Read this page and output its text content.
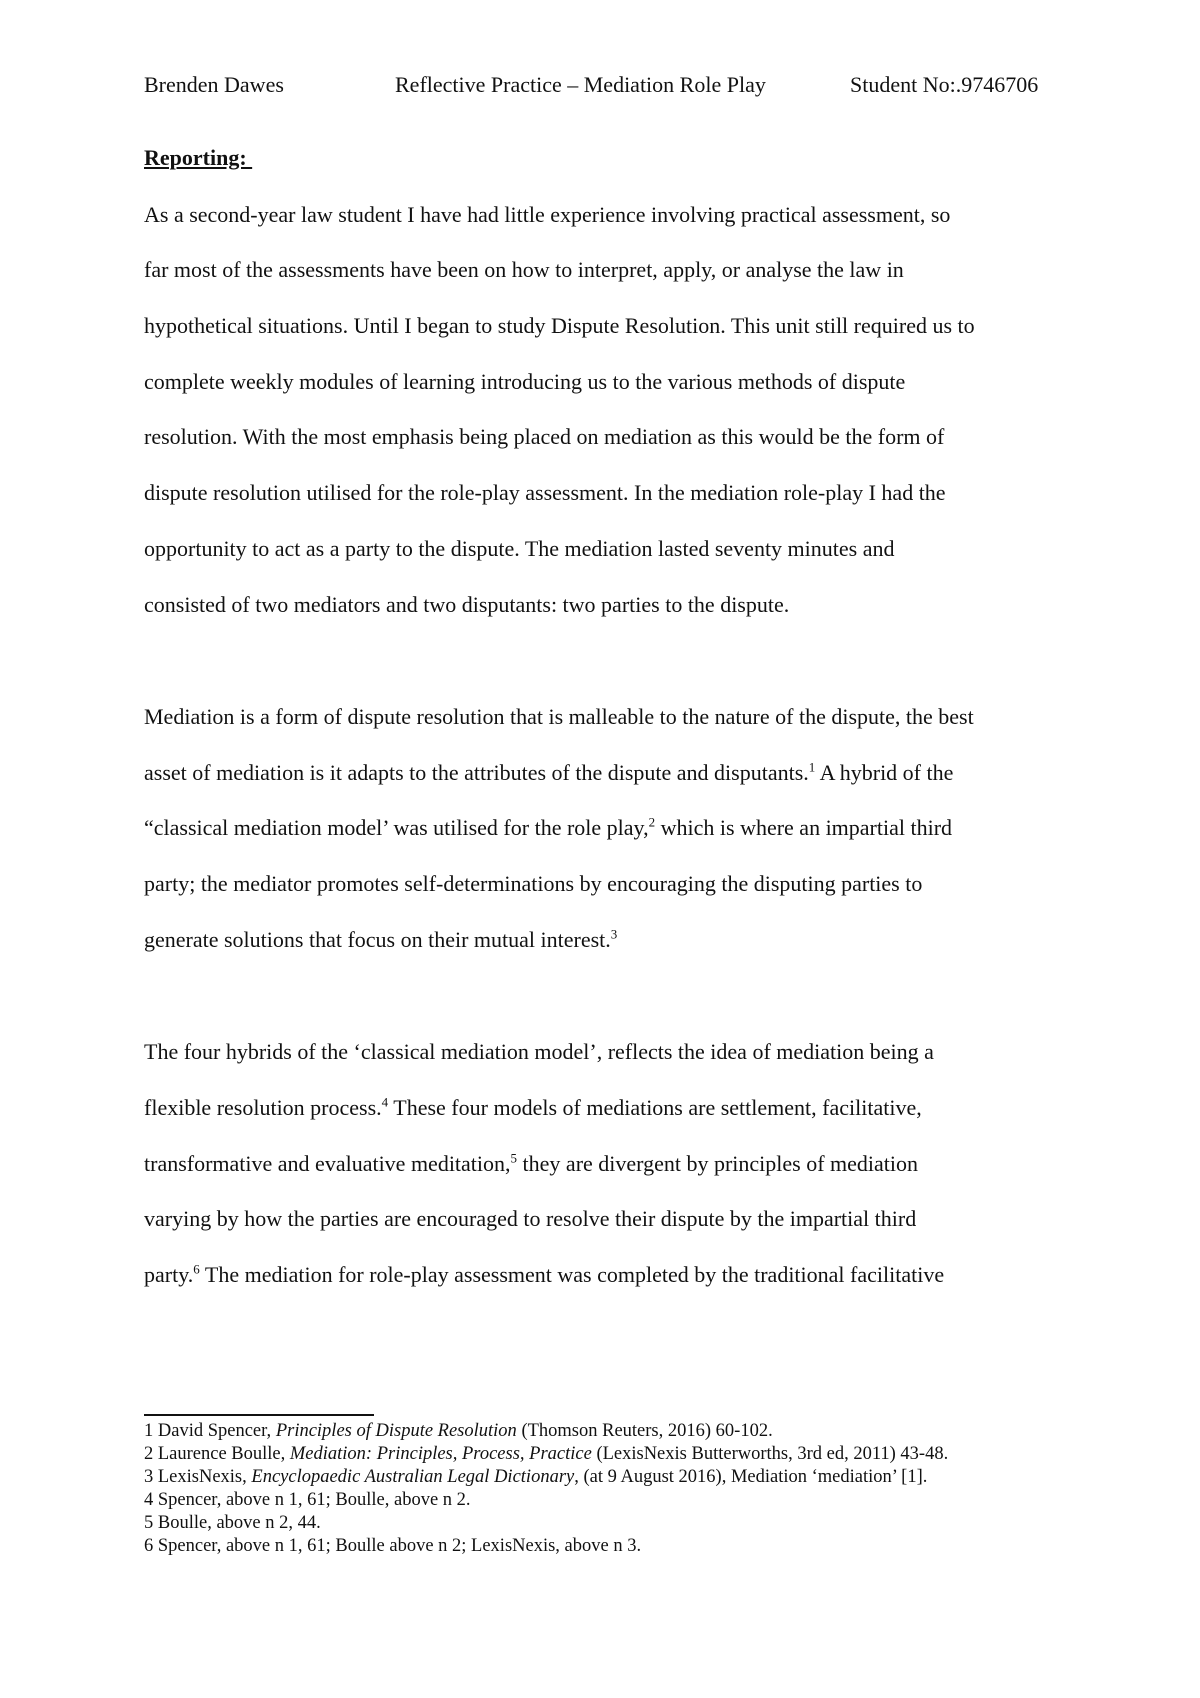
Brenden Dawes	Reflective Practice – Mediation Role Play	Student No:.9746706
Reporting:
As a second-year law student I have had little experience involving practical assessment, so
far most of the assessments have been on how to interpret, apply, or analyse the law in
hypothetical situations. Until I began to study Dispute Resolution. This unit still required us to
complete weekly modules of learning introducing us to the various methods of dispute
resolution. With the most emphasis being placed on mediation as this would be the form of
dispute resolution utilised for the role-play assessment. In the mediation role-play I had the
opportunity to act as a party to the dispute. The mediation lasted seventy minutes and
consisted of two mediators and two disputants: two parties to the dispute.
Mediation is a form of dispute resolution that is malleable to the nature of the dispute, the best
asset of mediation is it adapts to the attributes of the dispute and disputants.$^1$ A hybrid of the
“classical mediation model’ was utilised for the role play,$^2$ which is where an impartial third
party; the mediator promotes self-determinations by encouraging the disputing parties to
generate solutions that focus on their mutual interest.$^3$
The four hybrids of the ‘classical mediation model’, reflects the idea of mediation being a
flexible resolution process.$^4$ These four models of mediations are settlement, facilitative,
transformative and evaluative meditation,$^5$ they are divergent by principles of mediation
varying by how the parties are encouraged to resolve their dispute by the impartial third
party.$^6$ The mediation for role-play assessment was completed by the traditional facilitative
1 David Spencer, Principles of Dispute Resolution (Thomson Reuters, 2016) 60-102.
2 Laurence Boulle, Mediation: Principles, Process, Practice (LexisNexis Butterworths, 3rd ed, 2011) 43-48.
3 LexisNexis, Encyclopaedic Australian Legal Dictionary, (at 9 August 2016), Mediation ‘mediation’ [1].
4 Spencer, above n 1, 61; Boulle, above n 2.
5 Boulle, above n 2, 44.
6 Spencer, above n 1, 61; Boulle above n 2; LexisNexis, above n 3.
